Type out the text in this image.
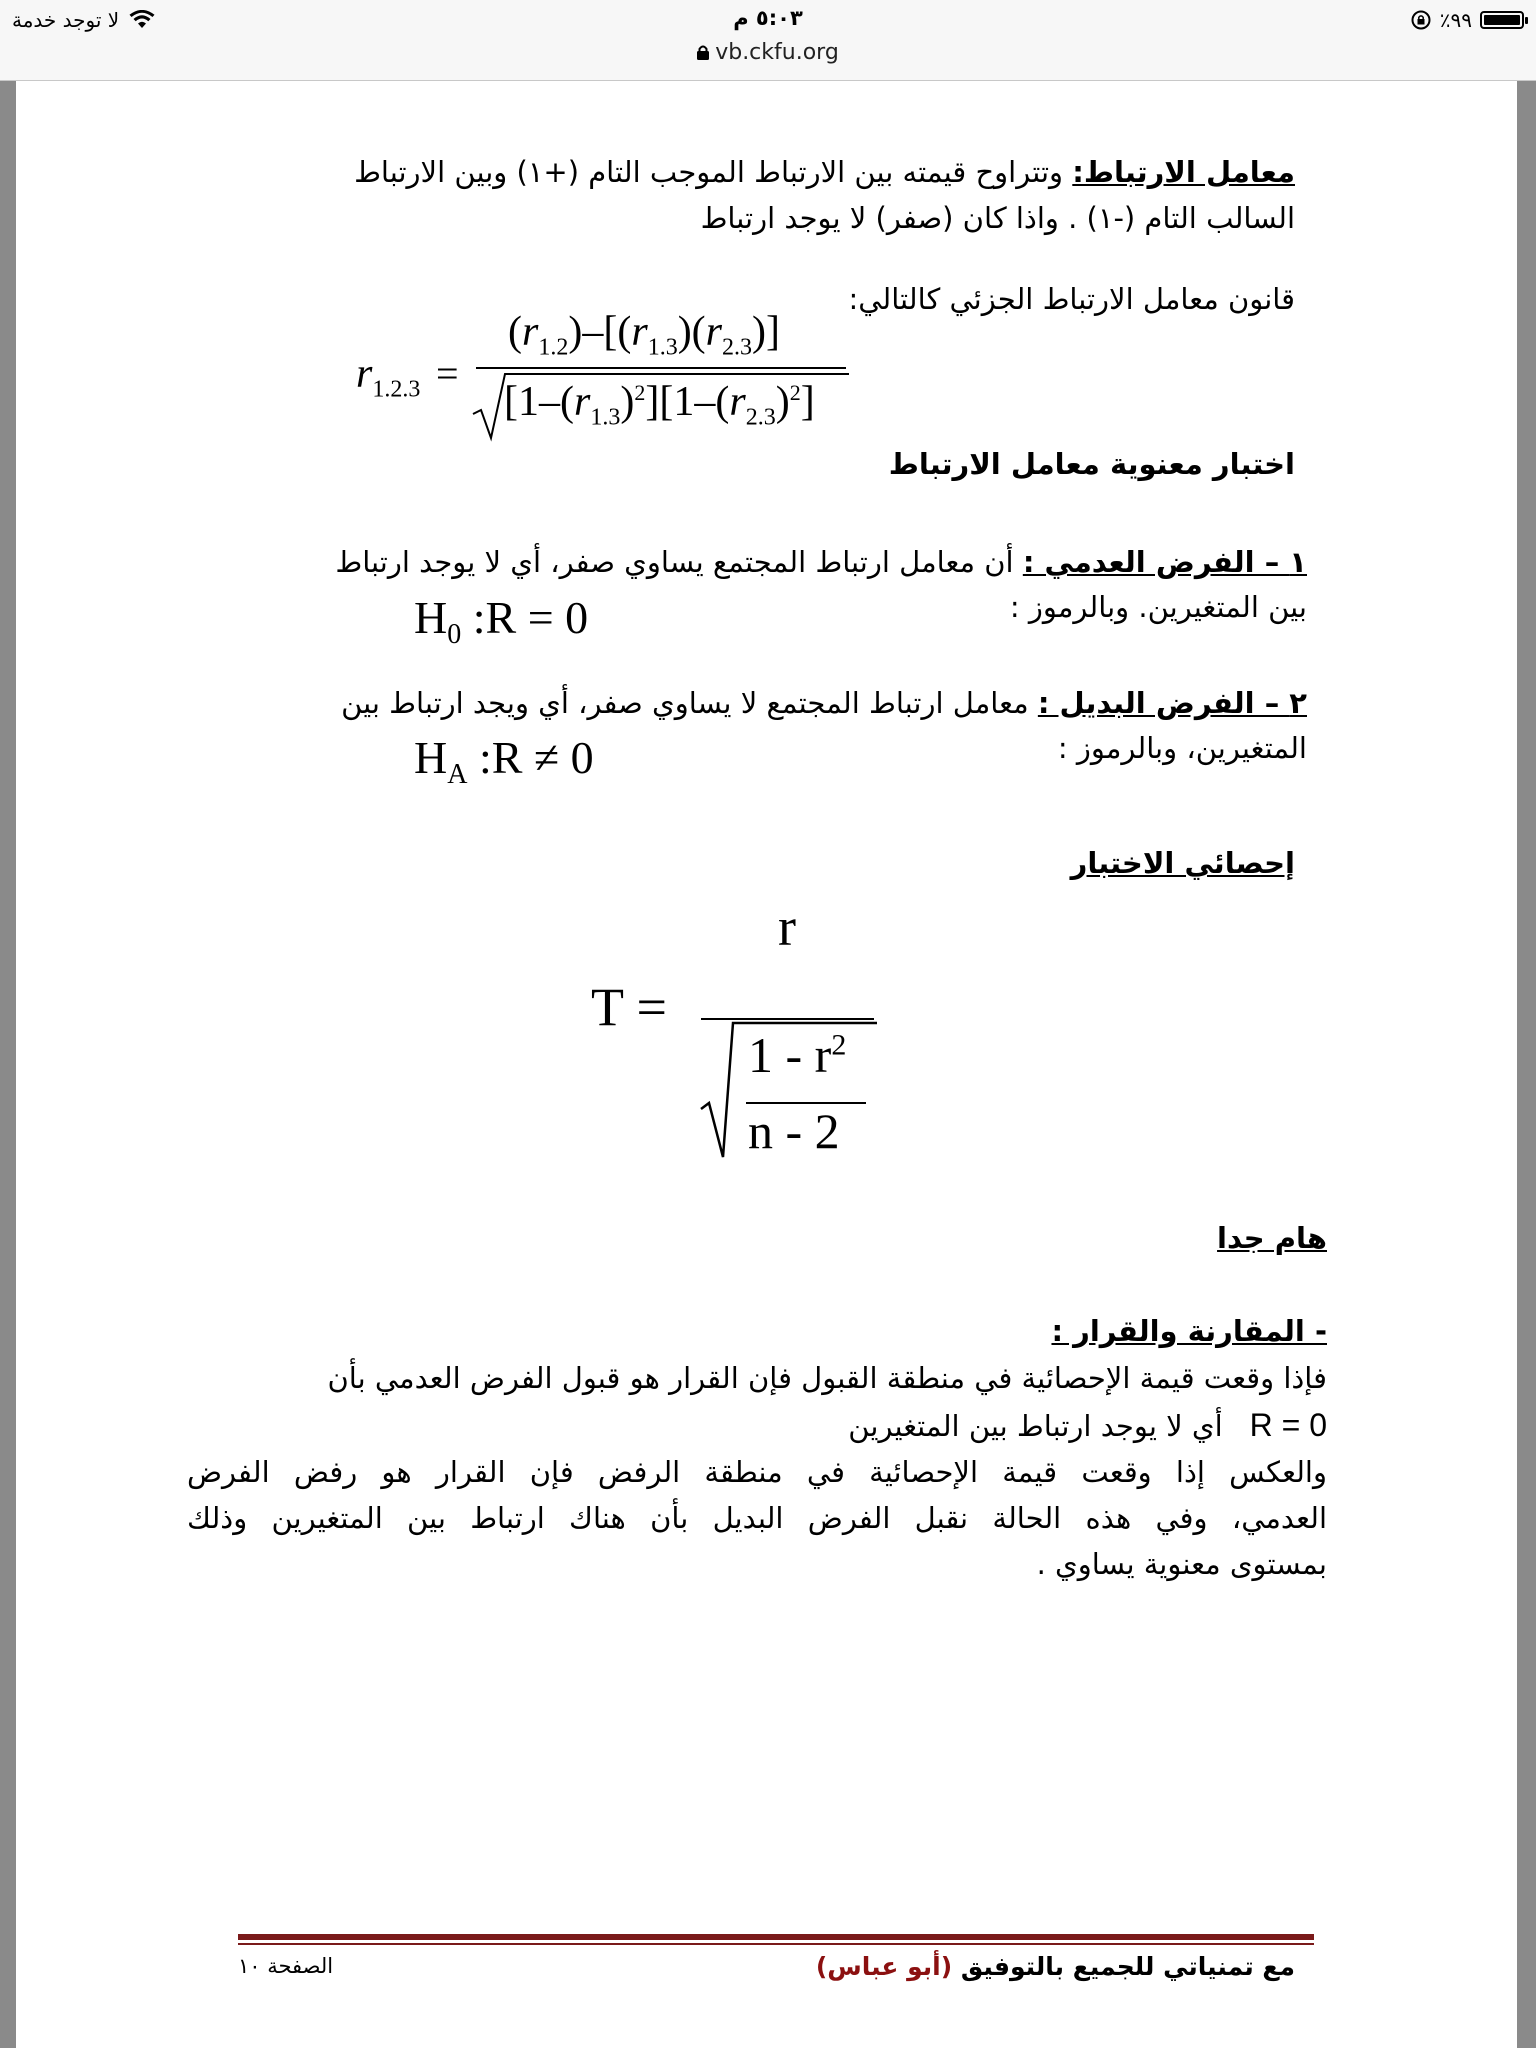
لا توجد خدمة	٥:٠٣ م
vb.ckfu.org
٪٩٩
معامل الارتباط: وتتراوح قيمته بين الارتباط الموجب التام (+١) وبين الارتباط
السالب التام (-١) . واذا كان (صفر) لا يوجد ارتباط
قانون معامل الارتباط الجزئي كالتالي:
$r_{1.2.3}$ =
$(r_{1.2})-[(r_{1.3})(r_{2.3})]$
$[1-(r_{1.3})^2][1-(r_{2.3})^2]$
اختبار معنوية معامل الارتباط
١ – الفرض العدمي : أن معامل ارتباط المجتمع يساوي صفر، أي لا يوجد ارتباط
بين المتغيرين. وبالرموز :
$H_0$ :R = 0
٢ – الفرض البديل : معامل ارتباط المجتمع لا يساوي صفر، أي ويجد ارتباط بين
المتغيرين، وبالرموز :
$H_A$ :R ≠ 0
إحصائي الاختبار
T =
r
$1 - r^2$
n - 2
هام جدا
- المقارنة والقرار :
فإذا وقعت قيمة الإحصائية في منطقة القبول فإن القرار هو قبول الفرض العدمي بأن
R = 0 أي لا يوجد ارتباط بين المتغيرين
والعكس إذا وقعت قيمة الإحصائية في منطقة الرفض فإن القرار هو رفض الفرض
العدمي، وفي هذه الحالة نقبل الفرض البديل بأن هناك ارتباط بين المتغيرين وذلك
بمستوى معنوية يساوي .
مع تمنياتي للجميع بالتوفيق (أبو عباس)
الصفحة ١٠
